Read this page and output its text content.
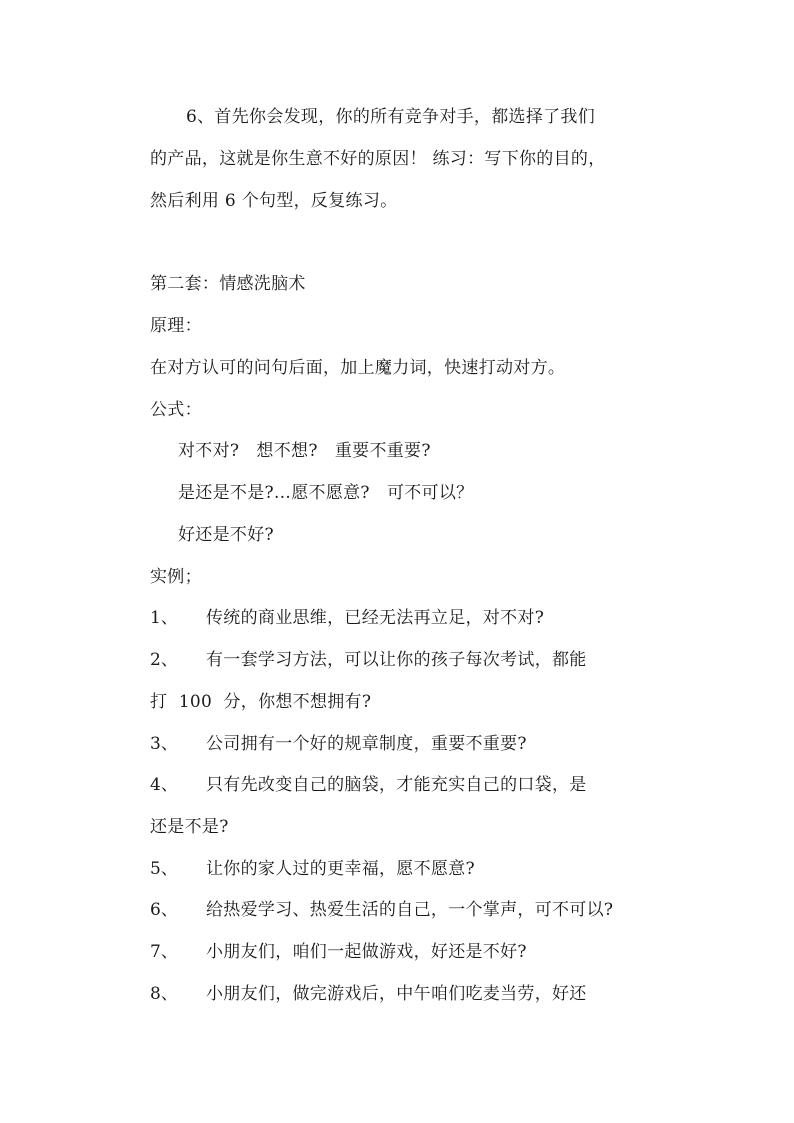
6、首先你会发现，你的所有竞争对手，都选择了我们
的产品，这就是你生意不好的原因！ 练习：写下你的目的，
然后利用 6 个句型，反复练习。
第二套：情感洗脑术
原理：
在对方认可的问句后面，加上魔力词，快速打动对方。
公式：
对不对?   想不想?   重要不重要?
是还是不是?…愿不愿意?   可不可以？
好还是不好?
实例；
1、 传统的商业思维，已经无法再立足，对不对?
2、 有一套学习方法，可以让你的孩子每次考试，都能
打  100  分，你想不想拥有?
3、 公司拥有一个好的规章制度，重要不重要?
4、 只有先改变自己的脑袋，才能充实自己的口袋，是
还是不是?
5、 让你的家人过的更幸福，愿不愿意?
6、 给热爱学习、热爱生活的自己，一个掌声，可不可以?
7、 小朋友们，咱们一起做游戏，好还是不好?
8、 小朋友们，做完游戏后，中午咱们吃麦当劳，好还
